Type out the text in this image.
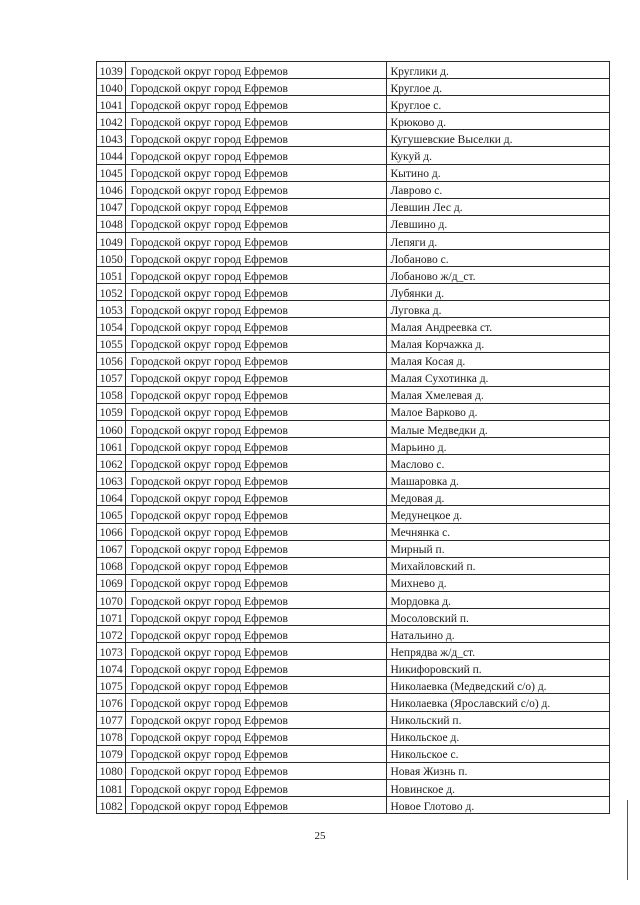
1039	Городской округ город Ефремов	Круглики д.
1040	Городской округ город Ефремов	Круглое д.
1041	Городской округ город Ефремов	Круглое с.
1042	Городской округ город Ефремов	Крюково д.
1043	Городской округ город Ефремов	Кугушевские Выселки д.
1044	Городской округ город Ефремов	Кукуй д.
1045	Городской округ город Ефремов	Кытино д.
1046	Городской округ город Ефремов	Лаврово с.
1047	Городской округ город Ефремов	Левшин Лес д.
1048	Городской округ город Ефремов	Левшино д.
1049	Городской округ город Ефремов	Лепяги д.
1050	Городской округ город Ефремов	Лобаново с.
1051	Городской округ город Ефремов	Лобаново ж/д_ст.
1052	Городской округ город Ефремов	Лубянки д.
1053	Городской округ город Ефремов	Луговка д.
1054	Городской округ город Ефремов	Малая Андреевка ст.
1055	Городской округ город Ефремов	Малая Корчажка д.
1056	Городской округ город Ефремов	Малая Косая д.
1057	Городской округ город Ефремов	Малая Сухотинка д.
1058	Городской округ город Ефремов	Малая Хмелевая д.
1059	Городской округ город Ефремов	Малое Варково д.
1060	Городской округ город Ефремов	Малые Медведки д.
1061	Городской округ город Ефремов	Марьино д.
1062	Городской округ город Ефремов	Маслово с.
1063	Городской округ город Ефремов	Машаровка д.
1064	Городской округ город Ефремов	Медовая д.
1065	Городской округ город Ефремов	Медунецкое д.
1066	Городской округ город Ефремов	Мечнянка с.
1067	Городской округ город Ефремов	Мирный п.
1068	Городской округ город Ефремов	Михайловский п.
1069	Городской округ город Ефремов	Михнево д.
1070	Городской округ город Ефремов	Мордовка д.
1071	Городской округ город Ефремов	Мосоловский п.
1072	Городской округ город Ефремов	Натальино д.
1073	Городской округ город Ефремов	Непрядва ж/д_ст.
1074	Городской округ город Ефремов	Никифоровский п.
1075	Городской округ город Ефремов	Николаевка (Медведский с/о) д.
1076	Городской округ город Ефремов	Николаевка (Ярославский с/о) д.
1077	Городской округ город Ефремов	Никольский п.
1078	Городской округ город Ефремов	Никольское д.
1079	Городской округ город Ефремов	Никольское с.
1080	Городской округ город Ефремов	Новая Жизнь п.
1081	Городской округ город Ефремов	Новинское д.
1082	Городской округ город Ефремов	Новое Глотово д.
25
